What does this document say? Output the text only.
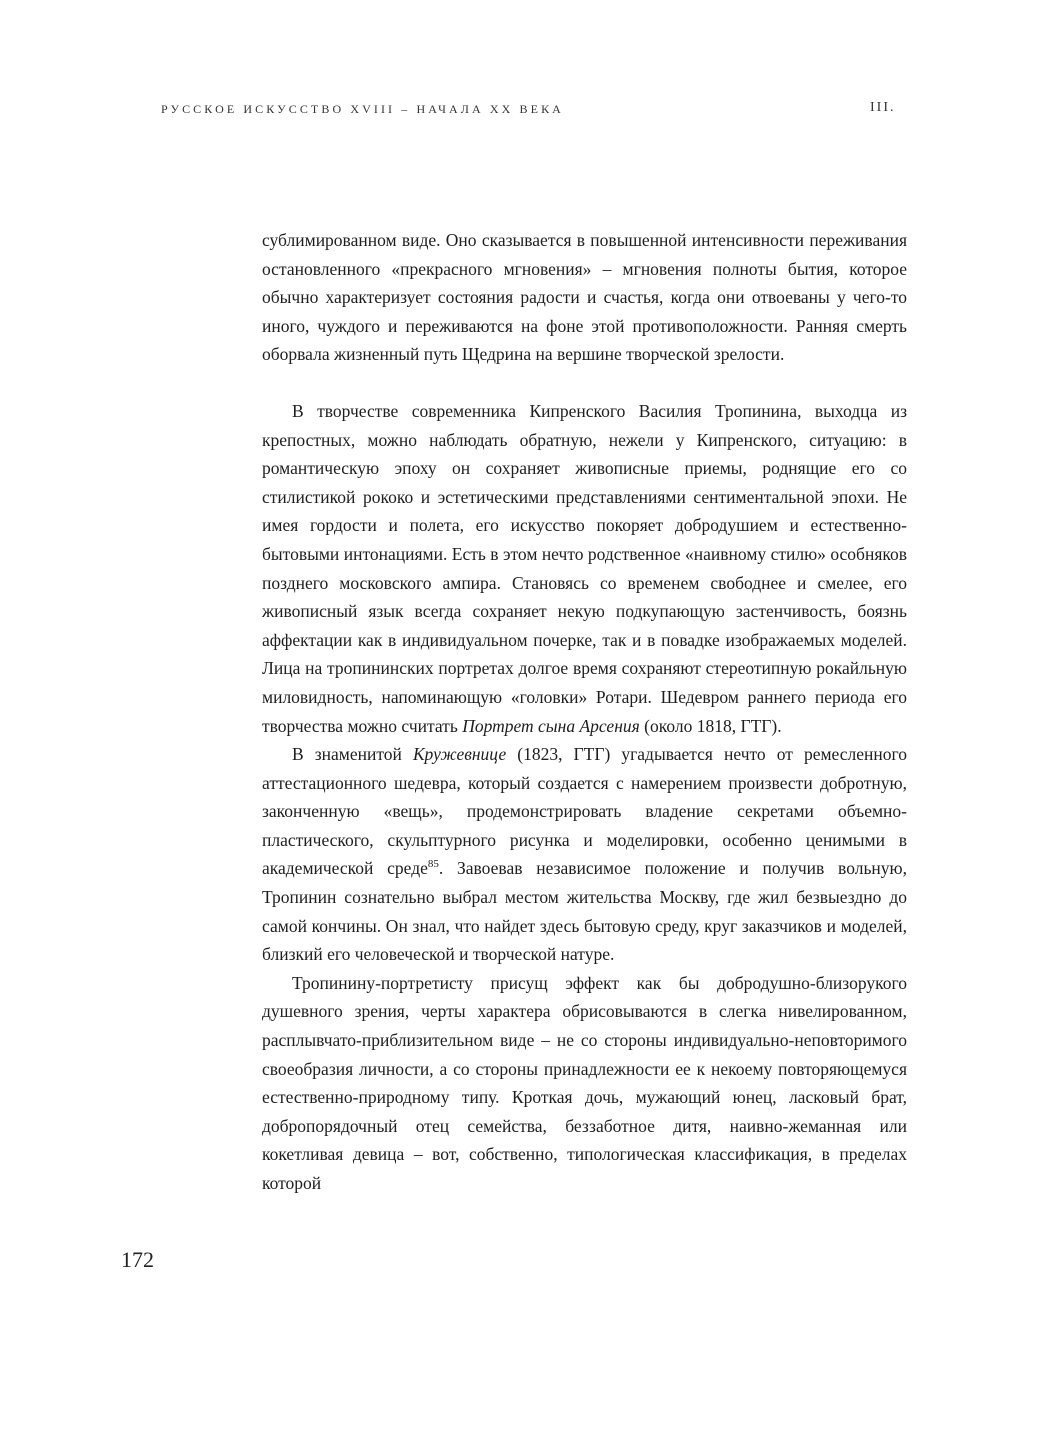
РУССКОЕ ИСКУССТВО XVIII – НАЧАЛА XX ВЕКА	III.

сублимированном виде. Оно сказывается в повышенной интенсивности переживания остановленного «прекрасного мгновения» – мгновения полноты бытия, которое обычно характеризует состояния радости и счастья, когда они отвоеваны у чего-то иного, чуждого и переживаются на фоне этой противоположности. Ранняя смерть оборвала жизненный путь Щедрина на вершине творческой зрелости.

В творчестве современника Кипренского Василия Тропинина, выходца из крепостных, можно наблюдать обратную, нежели у Кипренского, ситуацию: в романтическую эпоху он сохраняет живописные приемы, роднящие его со стилистикой рококо и эстетическими представлениями сентиментальной эпохи. Не имея гордости и полета, его искусство покоряет добродушием и естественно-бытовыми интонациями. Есть в этом нечто родственное «наивному стилю» особняков позднего московского ампира. Становясь со временем свободнее и смелее, его живописный язык всегда сохраняет некую подкупающую застенчивость, боязнь аффектации как в индивидуальном почерке, так и в повадке изображаемых моделей. Лица на тропининских портретах долгое время сохраняют стереотипную рокайльную миловидность, напоминающую «головки» Ротари. Шедевром раннего периода его творчества можно считать Портрет сына Арсения (около 1818, ГТГ).

В знаменитой Кружевнице (1823, ГТГ) угадывается нечто от ремесленного аттестационного шедевра, который создается с намерением произвести добротную, законченную «вещь», продемонстрировать владение секретами объемно-пластического, скульптурного рисунка и моделировки, особенно ценимыми в академической среде$^{85}$. Завоевав независимое положение и получив вольную, Тропинин сознательно выбрал местом жительства Москву, где жил безвыездно до самой кончины. Он знал, что найдет здесь бытовую среду, круг заказчиков и моделей, близкий его человеческой и творческой натуре.

Тропинину-портретисту присущ эффект как бы добродушно-близорукого душевного зрения, черты характера обрисовываются в слегка нивелированном, расплывчато-приблизительном виде – не со стороны индивидуально-неповторимого своеобразия личности, а со стороны принадлежности ее к некоему повторяющемуся естественно-природному типу. Кроткая дочь, мужающий юнец, ласковый брат, добропорядочный отец семейства, беззаботное дитя, наивно-жеманная или кокетливая девица – вот, собственно, типологическая классификация, в пределах которой

172
